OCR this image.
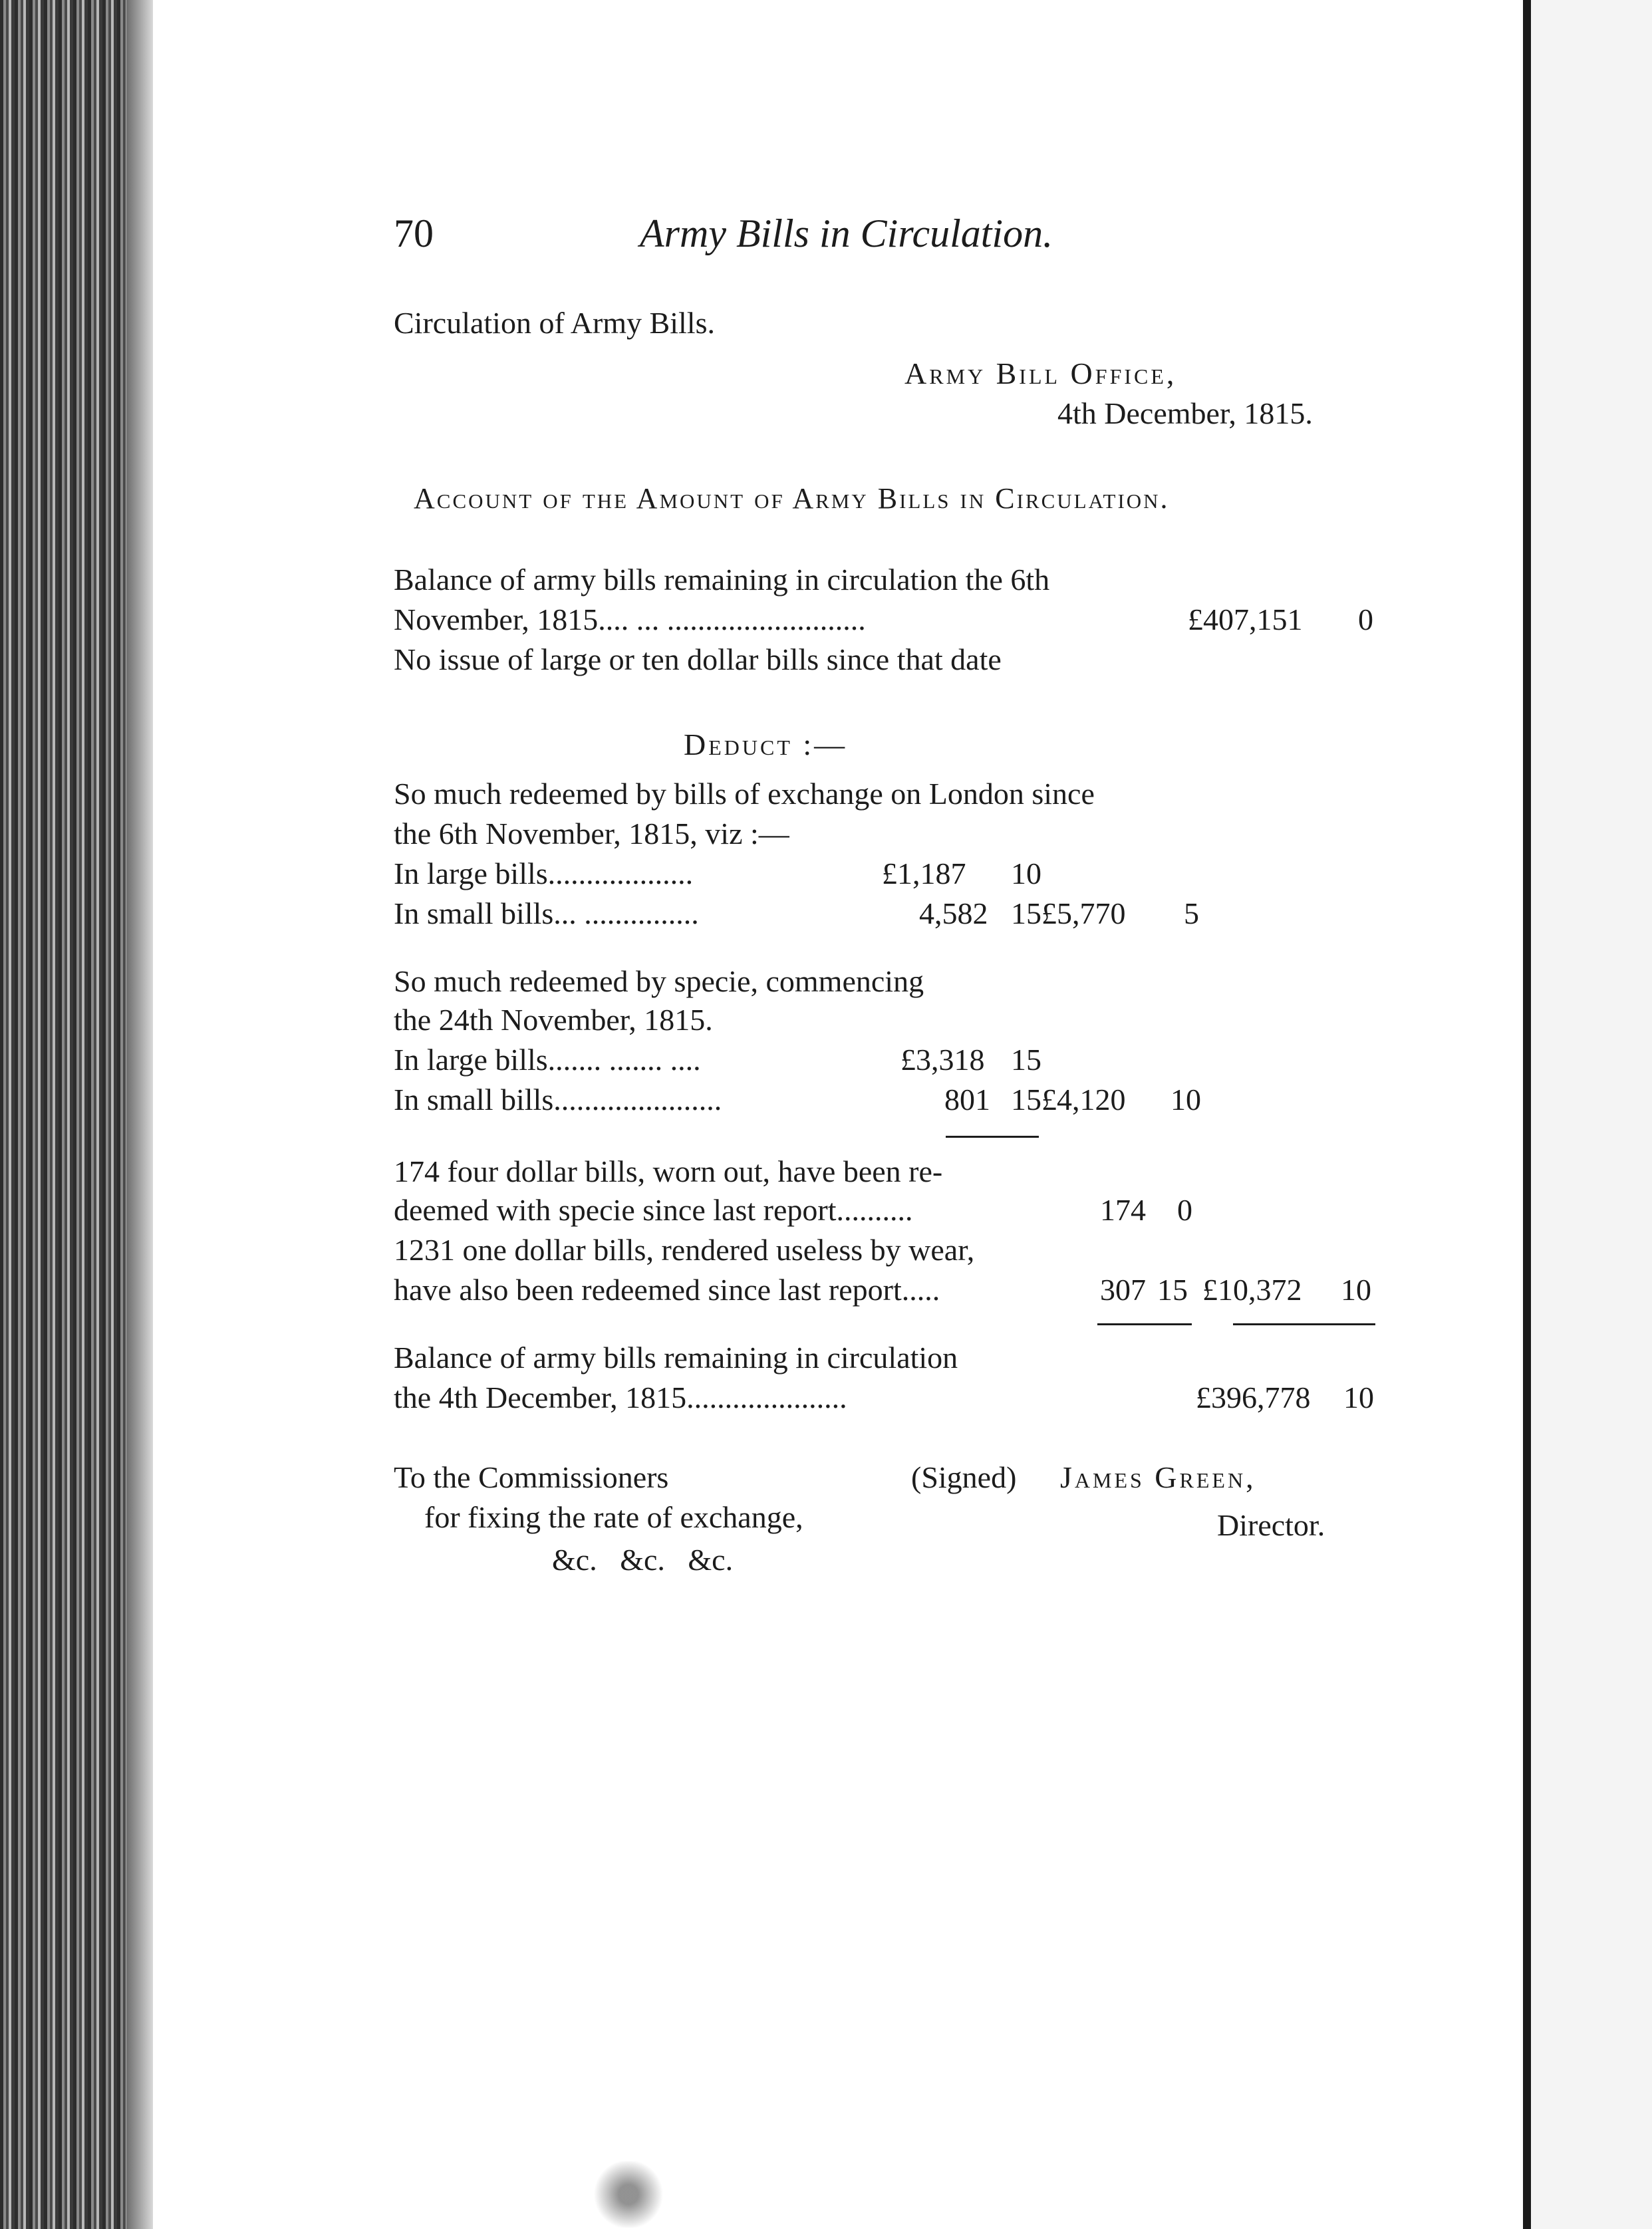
70	Army Bills in Circulation.
Circulation of Army Bills.
Army Bill Office,
4th December, 1815.
Account of the Amount of Army Bills in Circulation.
Balance of army bills remaining in circulation the 6th
November, 1815.... ... ..........................	£407,151 0
No issue of large or ten dollar bills since that date
Deduct :—
So much redeemed by bills of exchange on London since
the 6th November, 1815, viz :—
In large bills...................	£1,187 10
In small bills... ...............	4,582 15 £5,770 5
So much redeemed by specie, commencing
the 24th November, 1815.
In large bills....... ....... ....	£3,318 15
In small bills......................	801 15 £4,120 10
174 four dollar bills, worn out, have been re-
deemed with specie since last report..........	174 0
1231 one dollar bills, rendered useless by wear,
have also been redeemed since last report.....	307 15 £10,372 10
Balance of army bills remaining in circulation
the 4th December, 1815.....................	£396,778 10
To the Commissioners
for fixing the rate of exchange,
&c.   &c.   &c.
(Signed) James Green,
Director.
